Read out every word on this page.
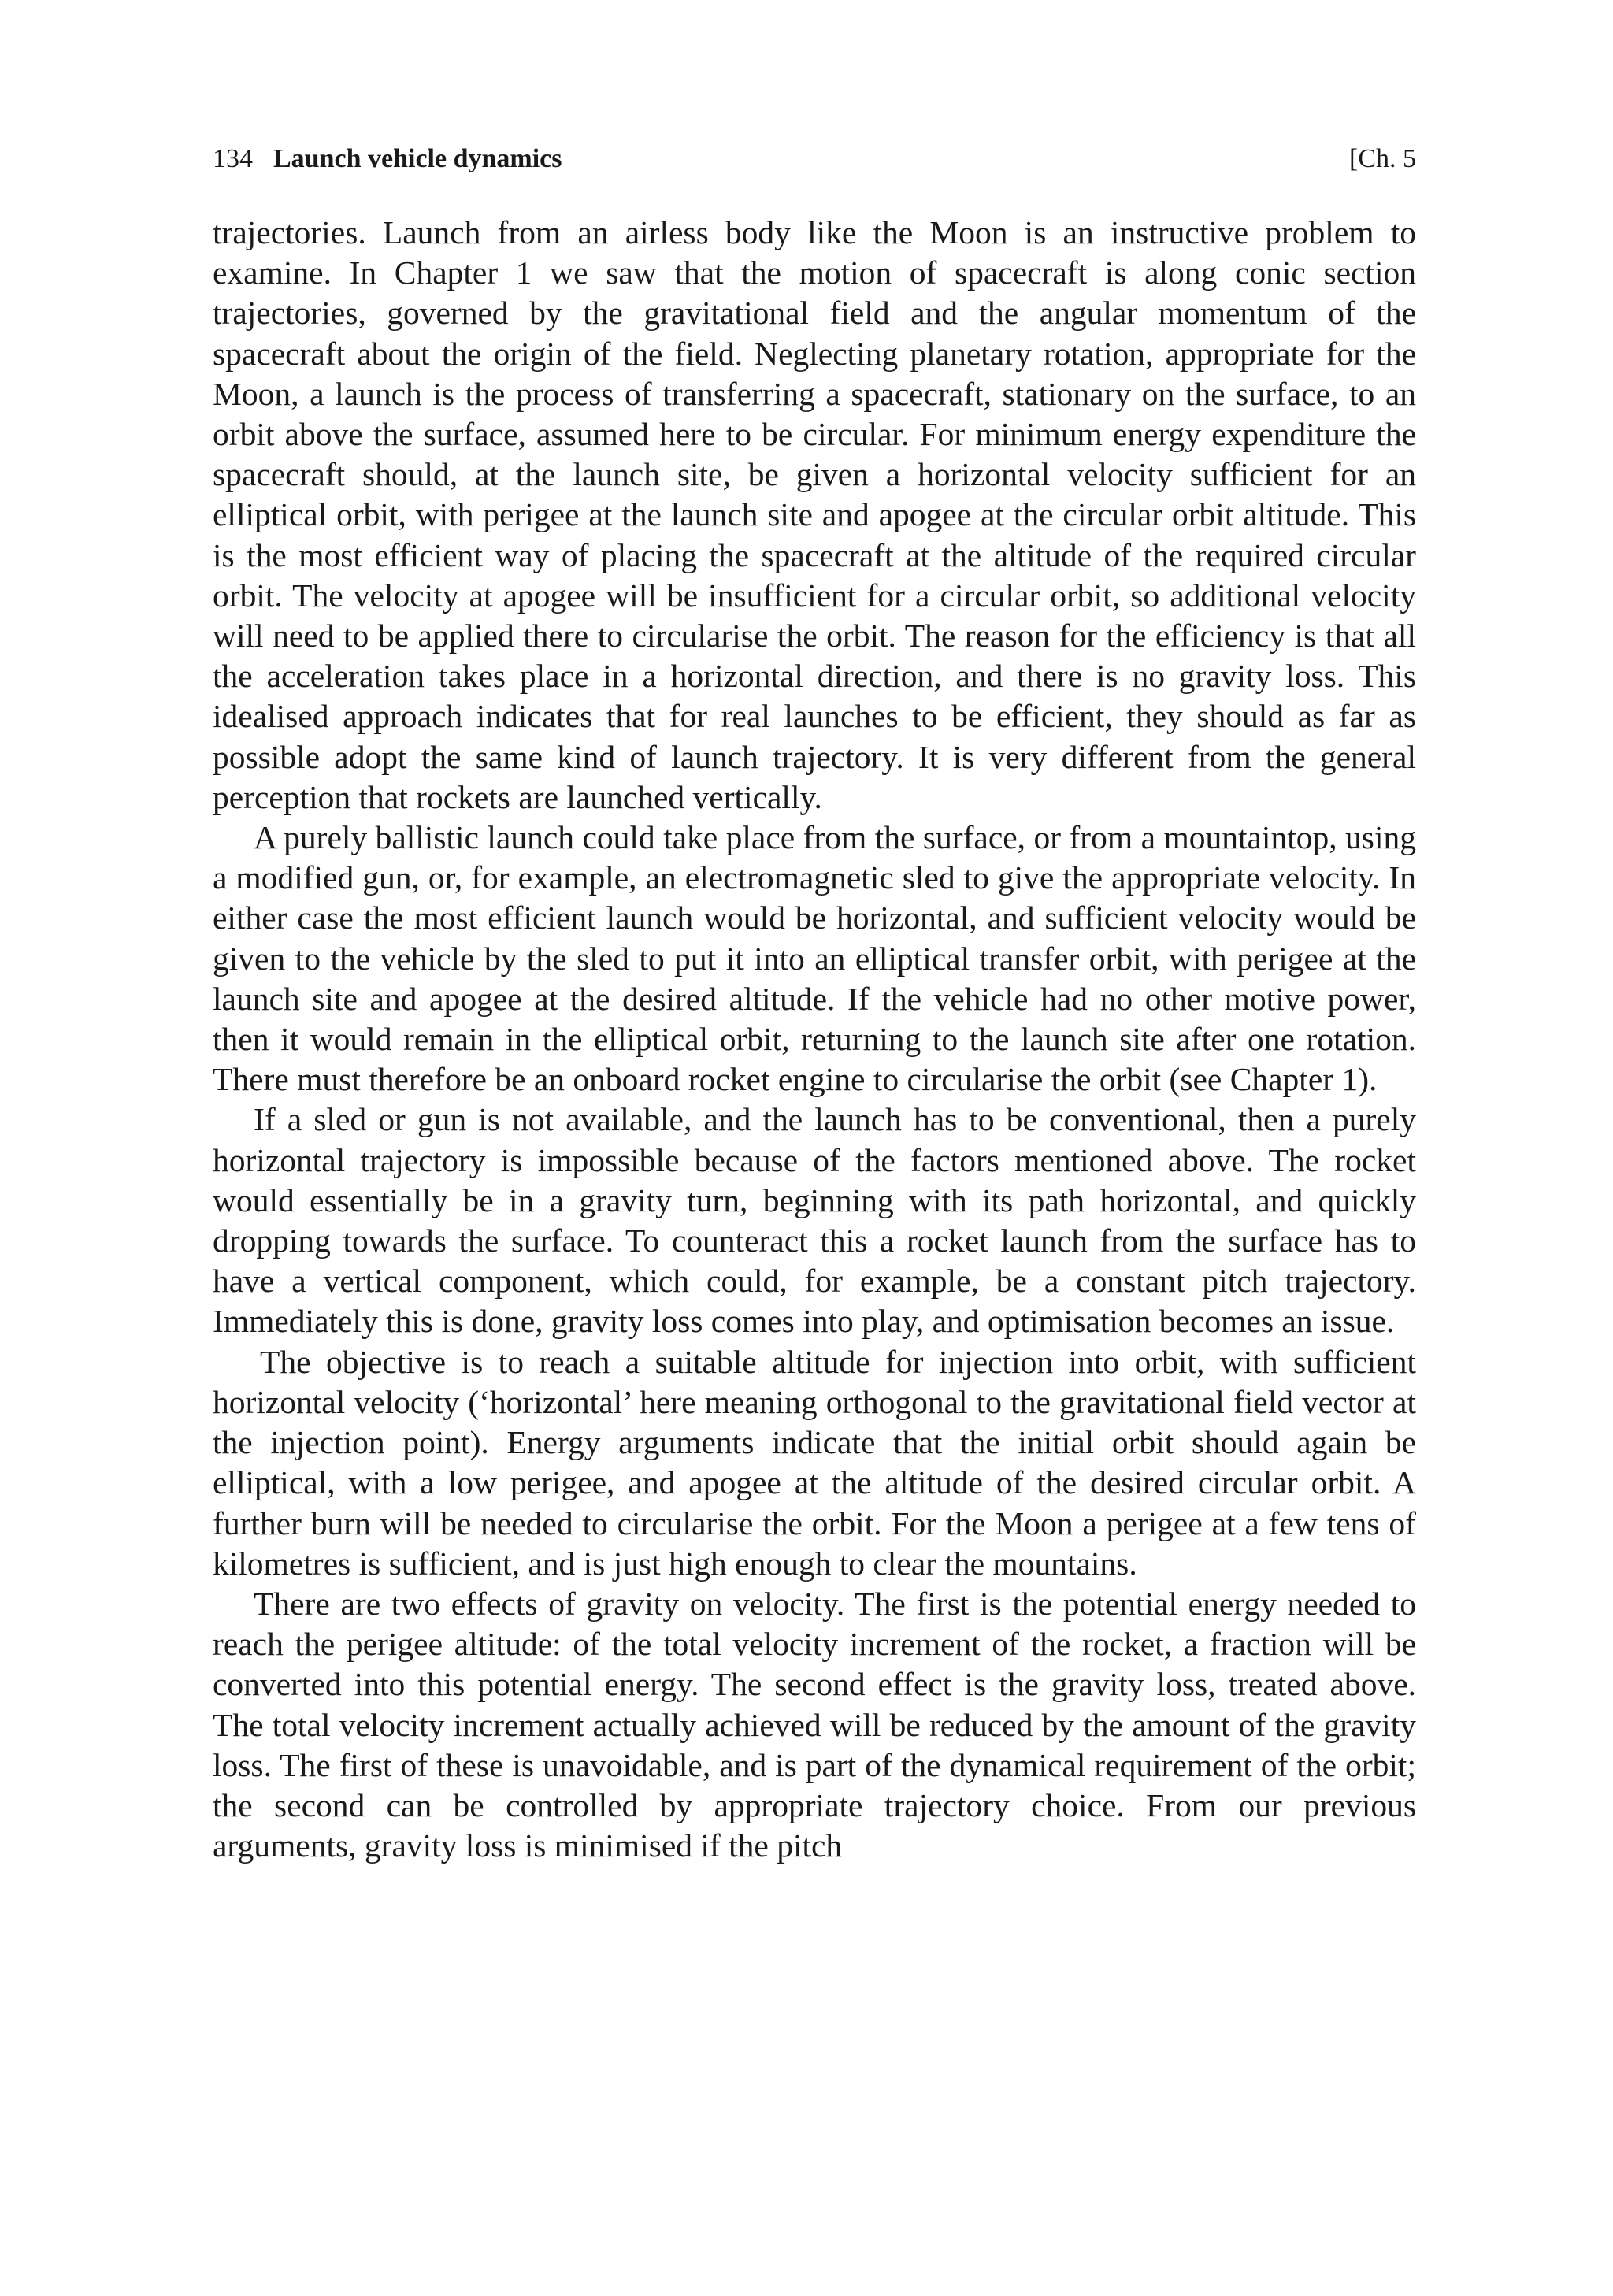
134 Launch vehicle dynamics	[Ch. 5

trajectories. Launch from an airless body like the Moon is an instructive problem to examine. In Chapter 1 we saw that the motion of spacecraft is along conic section trajectories, governed by the gravitational field and the angular momentum of the spacecraft about the origin of the field. Neglecting planetary rotation, appropriate for the Moon, a launch is the process of transferring a spacecraft, stationary on the surface, to an orbit above the surface, assumed here to be circular. For minimum energy expenditure the spacecraft should, at the launch site, be given a horizontal velocity sufficient for an elliptical orbit, with perigee at the launch site and apogee at the circular orbit altitude. This is the most efficient way of placing the spacecraft at the altitude of the required circular orbit. The velocity at apogee will be insufficient for a circular orbit, so additional velocity will need to be applied there to circularise the orbit. The reason for the efficiency is that all the acceleration takes place in a horizontal direction, and there is no gravity loss. This idealised approach indicates that for real launches to be efficient, they should as far as possible adopt the same kind of launch trajectory. It is very different from the general perception that rockets are launched vertically.

A purely ballistic launch could take place from the surface, or from a mountaintop, using a modified gun, or, for example, an electromagnetic sled to give the appropriate velocity. In either case the most efficient launch would be horizontal, and sufficient velocity would be given to the vehicle by the sled to put it into an elliptical transfer orbit, with perigee at the launch site and apogee at the desired altitude. If the vehicle had no other motive power, then it would remain in the elliptical orbit, returning to the launch site after one rotation. There must therefore be an onboard rocket engine to circularise the orbit (see Chapter 1).

If a sled or gun is not available, and the launch has to be conventional, then a purely horizontal trajectory is impossible because of the factors mentioned above. The rocket would essentially be in a gravity turn, beginning with its path horizontal, and quickly dropping towards the surface. To counteract this a rocket launch from the surface has to have a vertical component, which could, for example, be a constant pitch trajectory. Immediately this is done, gravity loss comes into play, and optimisation becomes an issue.

The objective is to reach a suitable altitude for injection into orbit, with sufficient horizontal velocity (‘horizontal’ here meaning orthogonal to the gravitational field vector at the injection point). Energy arguments indicate that the initial orbit should again be elliptical, with a low perigee, and apogee at the altitude of the desired circular orbit. A further burn will be needed to circularise the orbit. For the Moon a perigee at a few tens of kilometres is sufficient, and is just high enough to clear the mountains.

There are two effects of gravity on velocity. The first is the potential energy needed to reach the perigee altitude: of the total velocity increment of the rocket, a fraction will be converted into this potential energy. The second effect is the gravity loss, treated above. The total velocity increment actually achieved will be reduced by the amount of the gravity loss. The first of these is unavoidable, and is part of the dynamical requirement of the orbit; the second can be controlled by appropriate trajectory choice. From our previous arguments, gravity loss is minimised if the pitch
